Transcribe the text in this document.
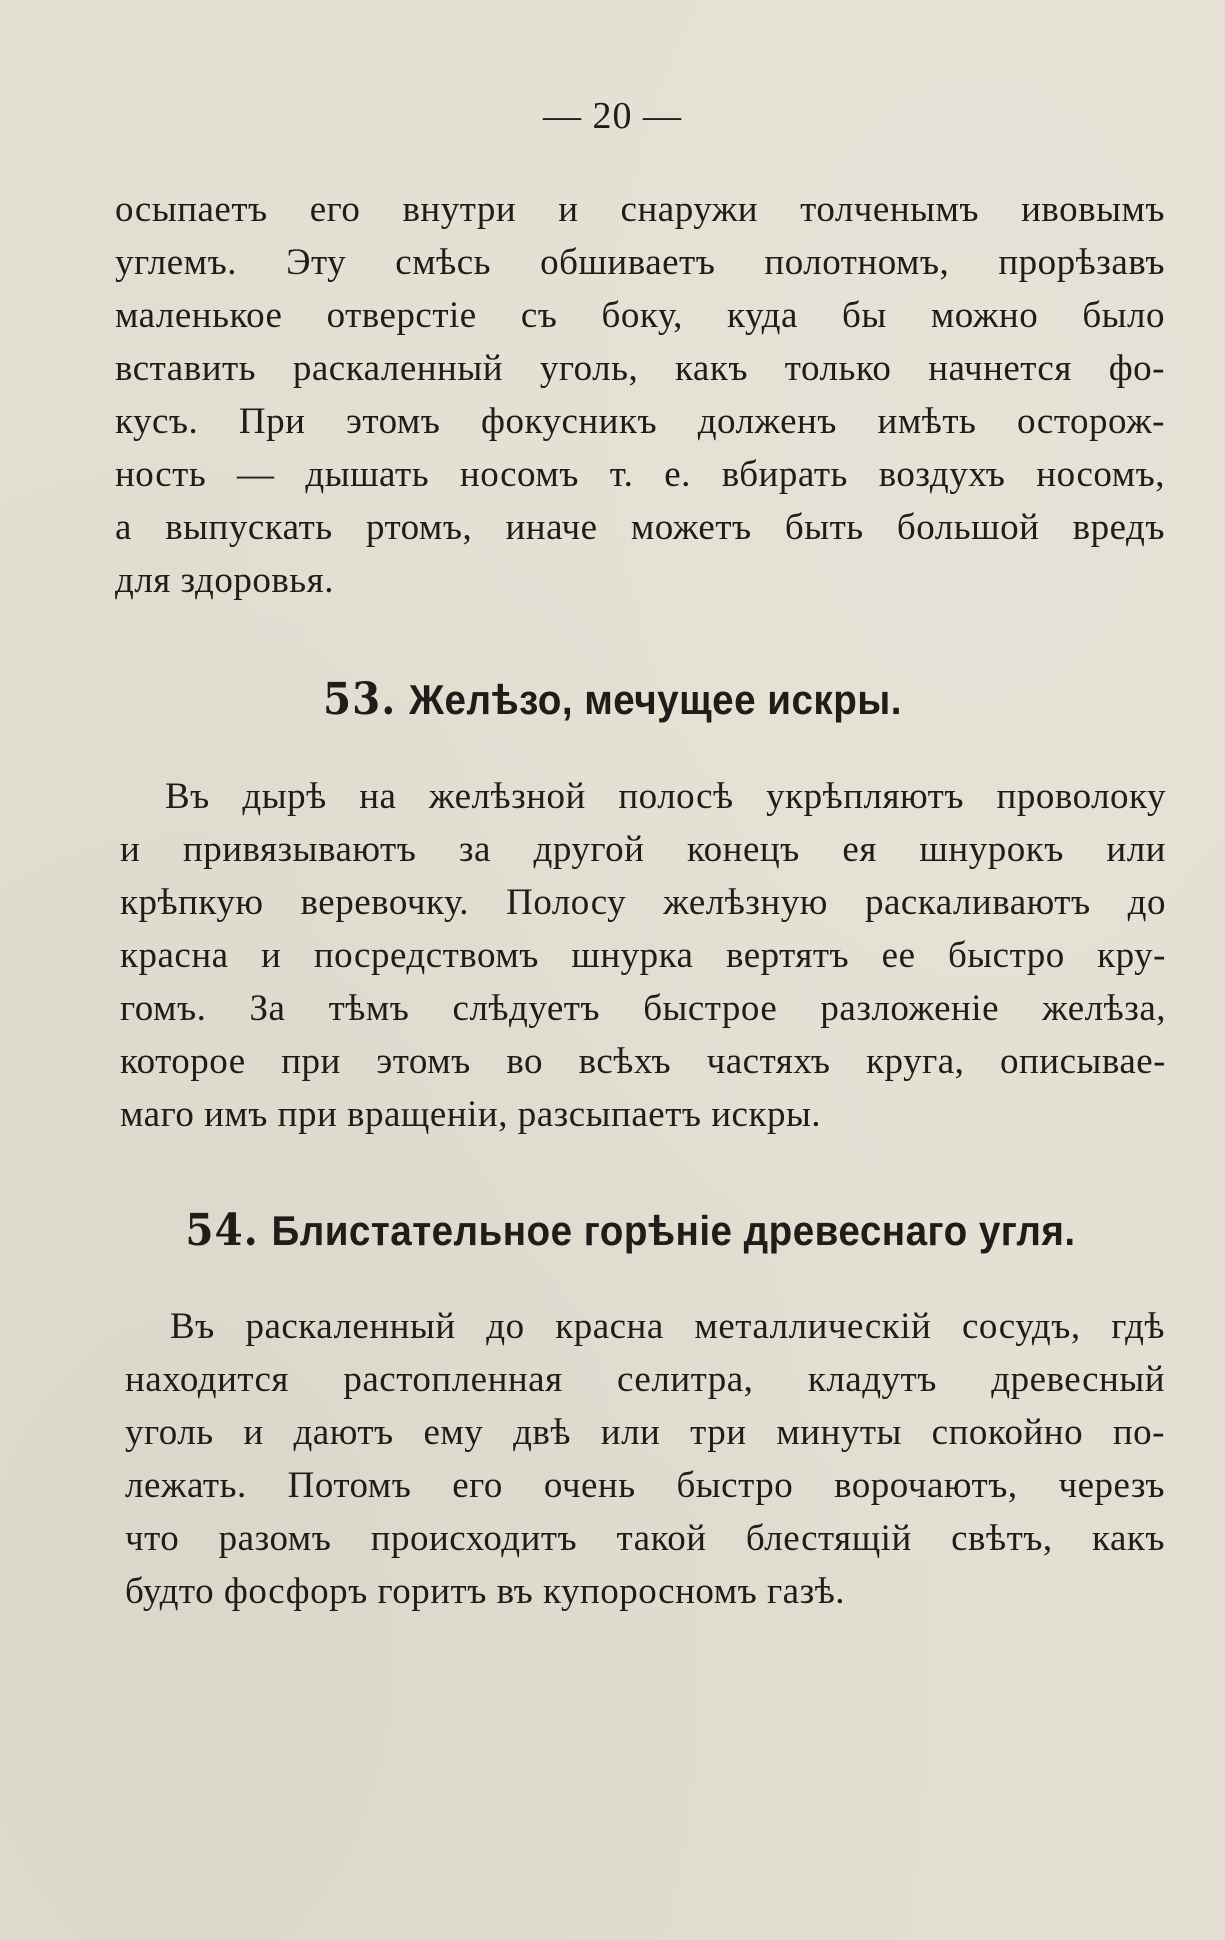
— 20 —
осыпаетъ его внутри и снаружи толченымъ ивовымъ
углемъ. Эту смѣсь обшиваетъ полотномъ, прорѣзавъ
маленькое отверстіе съ боку, куда бы можно было
вставить раскаленный уголь, какъ только начнется фо-
кусъ. При этомъ фокусникъ долженъ имѣть осторож-
ность — дышать носомъ т. е. вбирать воздухъ носомъ,
а выпускать ртомъ, иначе можетъ быть большой вредъ
для здоровья.
53. Желѣзо, мечущее искры.
Въ дырѣ на желѣзной полосѣ укрѣпляютъ проволоку
и привязываютъ за другой конецъ ея шнурокъ или
крѣпкую веревочку. Полосу желѣзную раскаливаютъ до
красна и посредствомъ шнурка вертятъ ее быстро кру-
гомъ. За тѣмъ слѣдуетъ быстрое разложеніе желѣза,
которое при этомъ во всѣхъ частяхъ круга, описывае-
маго имъ при вращеніи, разсыпаетъ искры.
54. Блистательное горѣніе древеснаго угля.
Въ раскаленный до красна металлическій сосудъ, гдѣ
находится растопленная селитра, кладутъ древесный
уголь и даютъ ему двѣ или три минуты спокойно по-
лежать. Потомъ его очень быстро ворочаютъ, черезъ
что разомъ происходитъ такой блестящій свѣтъ, какъ
будто фосфоръ горитъ въ купоросномъ газѣ.
